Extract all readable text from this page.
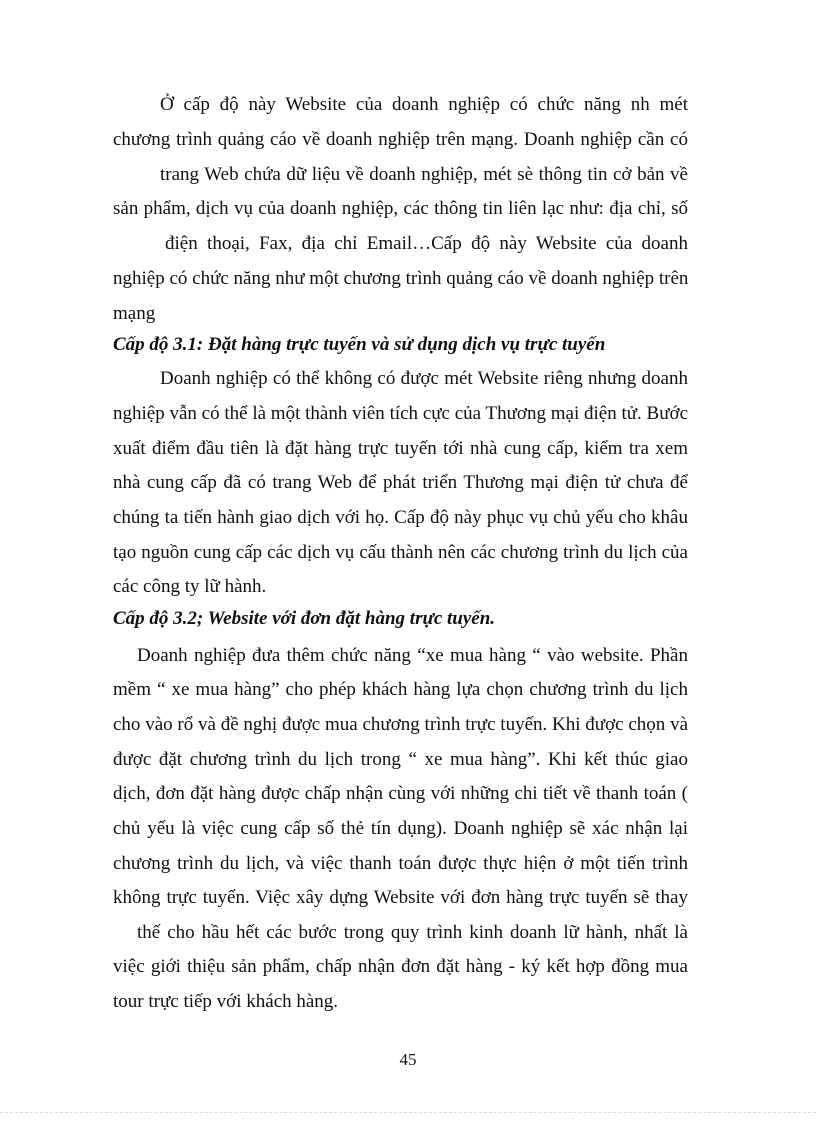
Ở cấp độ này Website của doanh nghiệp có chức năng nh mét
chương trình quảng cáo về doanh nghiệp trên mạng. Doanh nghiệp cần có
trang Web chứa dữ liệu về doanh nghiệp, mét sè thông tin cở bản về
sản phẩm, dịch vụ của doanh nghiệp, các thông tin liên lạc như: địa chỉ, số
điện thoại, Fax, địa chỉ Email…Cấp độ này Website của doanh
nghiệp có chức năng như một chương trình quảng cáo về doanh nghiệp trên
mạng
Cấp độ 3.1: Đặt hàng trực tuyến và sử dụng dịch vụ trực tuyến
Doanh nghiệp có thể không có được mét Website riêng nhưng doanh
nghiệp vẫn có thể là một thành viên tích cực của Thương mại điện tử. Bước
xuất điểm đầu tiên là đặt hàng trực tuyến tới nhà cung cấp, kiểm tra xem
nhà cung cấp đã có trang Web để phát triển Thương mại điện tử chưa để
chúng ta tiến hành giao dịch với họ. Cấp độ này phục vụ chủ yếu cho khâu
tạo nguồn cung cấp các dịch vụ cấu thành nên các chương trình du lịch của
các công ty lữ hành.
Cấp độ 3.2; Website với đơn đặt hàng trực tuyến.
Doanh nghiệp đưa thêm chức năng “xe mua hàng “ vào website. Phần
mềm “ xe mua hàng” cho phép khách hàng lựa chọn chương trình du lịch
cho vào rổ và đề nghị được mua chương trình trực tuyến. Khi được chọn và
được đặt chương trình du lịch trong “ xe mua hàng”. Khi kết thúc giao
dịch, đơn đặt hàng được chấp nhận cùng với những chi tiết về thanh toán (
chủ yếu là việc cung cấp số thẻ tín dụng). Doanh nghiệp sẽ xác nhận lại
chương trình du lịch, và việc thanh toán được thực hiện ở một tiến trình
không trực tuyến. Việc xây dựng Website với đơn hàng trực tuyến sẽ thay
thế cho hầu hết các bước trong quy trình kinh doanh lữ hành, nhất là
việc giới thiệu sản phẩm, chấp nhận đơn đặt hàng - ký kết hợp đồng mua
tour trực tiếp với khách hàng.
45
